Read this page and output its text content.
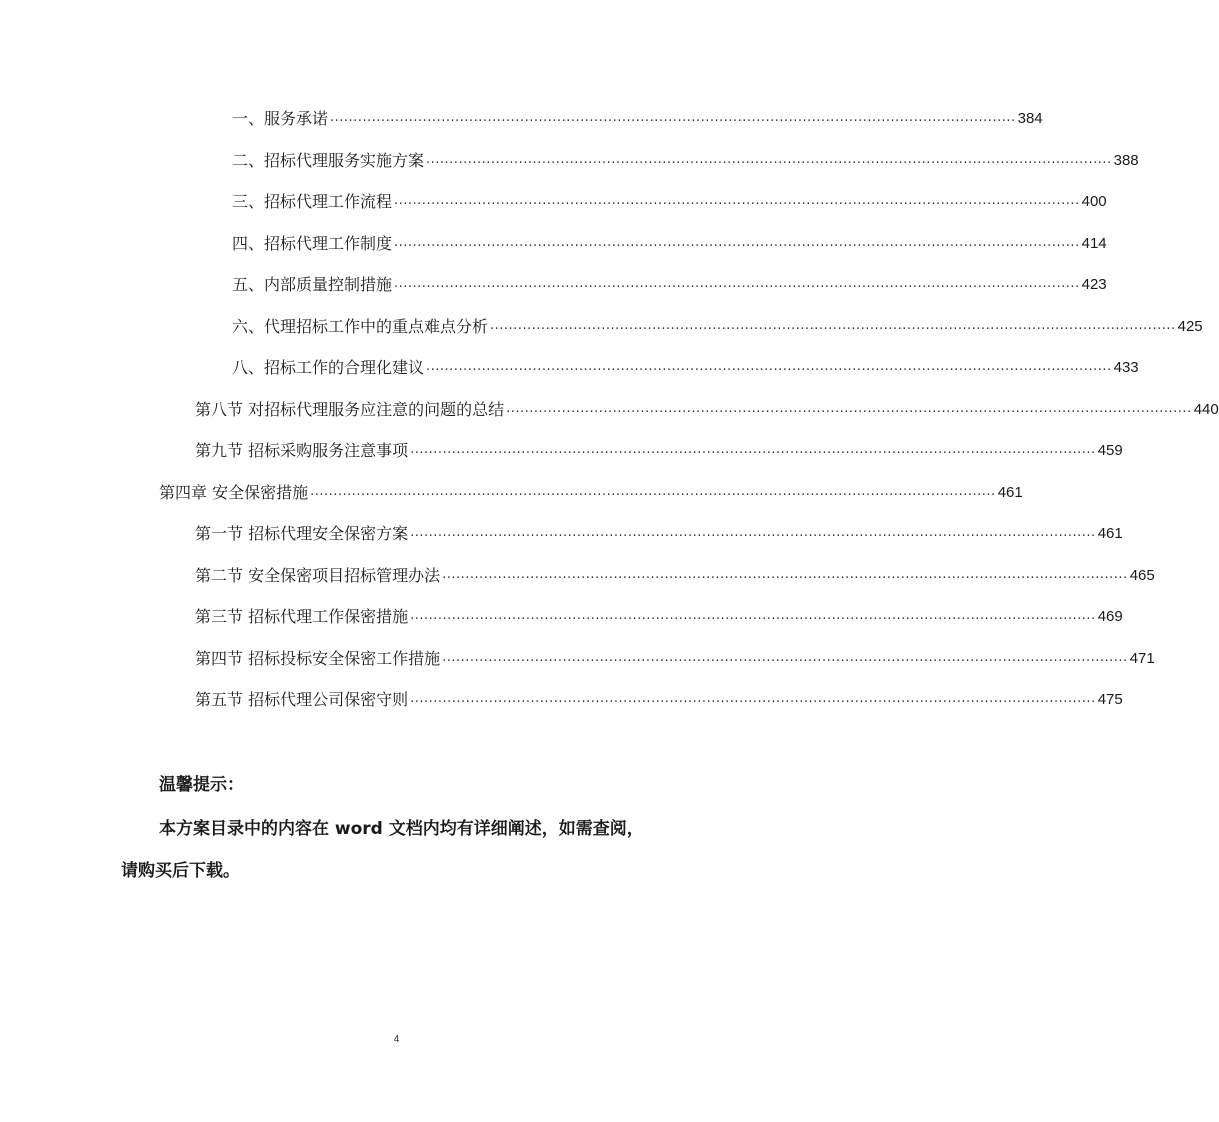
一、服务承诺 .................................................................................................................................................... 384
二、招标代理服务实施方案 .................................................................................................................................................... 388
三、招标代理工作流程 .................................................................................................................................................... 400
四、招标代理工作制度 .................................................................................................................................................... 414
五、内部质量控制措施 .................................................................................................................................................... 423
六、代理招标工作中的重点难点分析 .................................................................................................................................................... 425
八、招标工作的合理化建议 .................................................................................................................................................... 433
第八节 对招标代理服务应注意的问题的总结 .................................................................................................................................................... 440
第九节 招标采购服务注意事项 .................................................................................................................................................... 459
第四章 安全保密措施 .................................................................................................................................................... 461
第一节 招标代理安全保密方案 .................................................................................................................................................... 461
第二节 安全保密项目招标管理办法 .................................................................................................................................................... 465
第三节 招标代理工作保密措施 .................................................................................................................................................... 469
第四节 招标投标安全保密工作措施 .................................................................................................................................................... 471
第五节 招标代理公司保密守则 .................................................................................................................................................... 475
温馨提示：
本方案目录中的内容在 word 文档内均有详细阐述，如需查阅，
请购买后下载。
4
